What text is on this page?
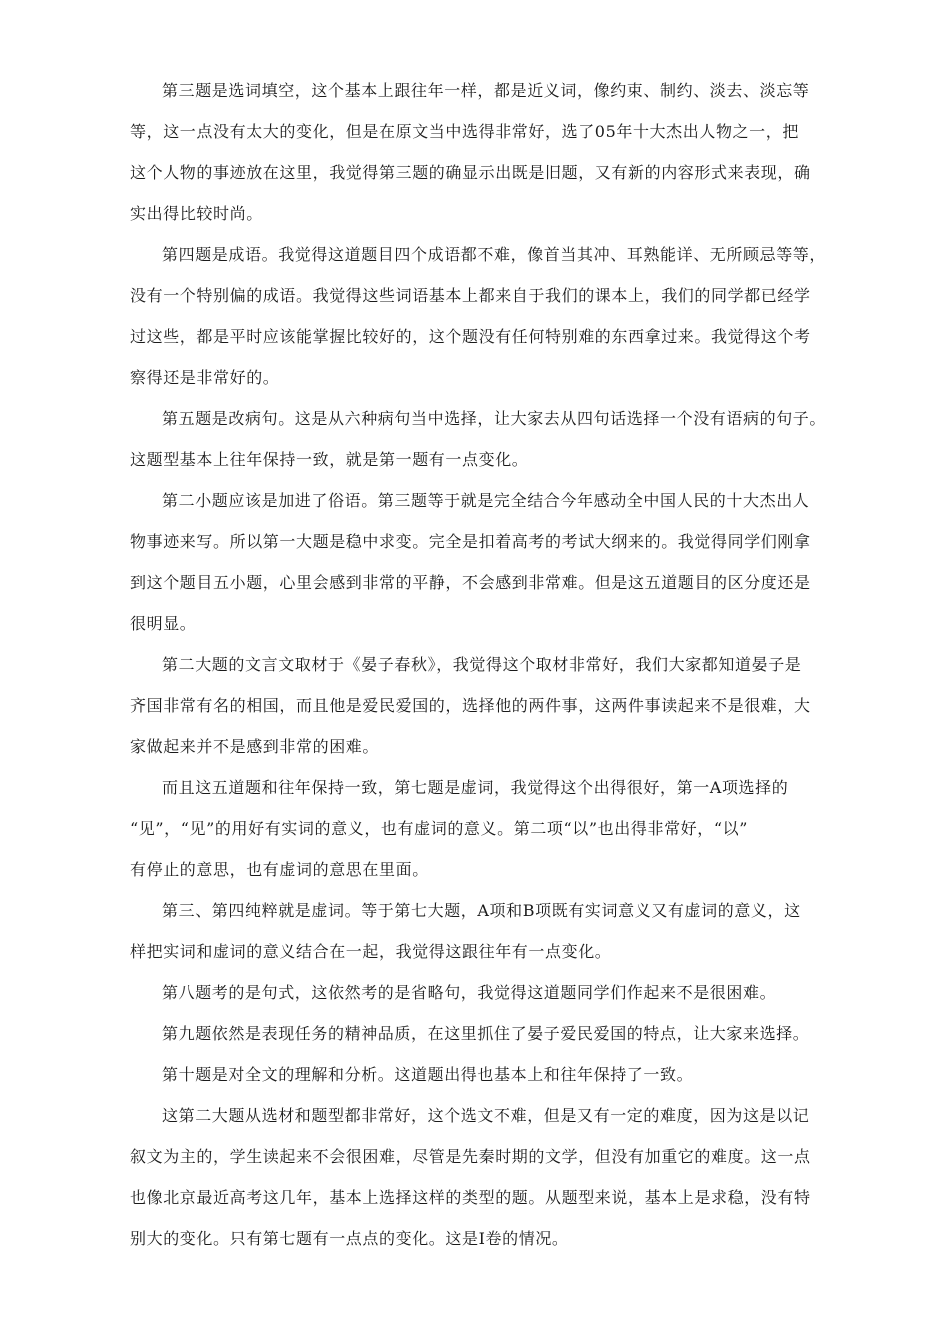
第三题是选词填空，这个基本上跟往年一样，都是近义词，像约束、制约、淡去、淡忘等
等，这一点没有太大的变化，但是在原文当中选得非常好，选了05年十大杰出人物之一，把
这个人物的事迹放在这里，我觉得第三题的确显示出既是旧题，又有新的内容形式来表现，确
实出得比较时尚。
第四题是成语。我觉得这道题目四个成语都不难，像首当其冲、耳熟能详、无所顾忌等等，
没有一个特别偏的成语。我觉得这些词语基本上都来自于我们的课本上，我们的同学都已经学
过这些，都是平时应该能掌握比较好的，这个题没有任何特别难的东西拿过来。我觉得这个考
察得还是非常好的。
第五题是改病句。这是从六种病句当中选择，让大家去从四句话选择一个没有语病的句子。
这题型基本上往年保持一致，就是第一题有一点变化。
第二小题应该是加进了俗语。第三题等于就是完全结合今年感动全中国人民的十大杰出人
物事迹来写。所以第一大题是稳中求变。完全是扣着高考的考试大纲来的。我觉得同学们刚拿
到这个题目五小题，心里会感到非常的平静，不会感到非常难。但是这五道题目的区分度还是
很明显。
第二大题的文言文取材于《晏子春秋》，我觉得这个取材非常好，我们大家都知道晏子是
齐国非常有名的相国，而且他是爱民爱国的，选择他的两件事，这两件事读起来不是很难，大
家做起来并不是感到非常的困难。
而且这五道题和往年保持一致，第七题是虚词，我觉得这个出得很好，第一A项选择的
“见”，“见”的用好有实词的意义，也有虚词的意义。第二项“以”也出得非常好，“以”
有停止的意思，也有虚词的意思在里面。
第三、第四纯粹就是虚词。等于第七大题，A项和B项既有实词意义又有虚词的意义，这
样把实词和虚词的意义结合在一起，我觉得这跟往年有一点变化。
第八题考的是句式，这依然考的是省略句，我觉得这道题同学们作起来不是很困难。
第九题依然是表现任务的精神品质，在这里抓住了晏子爱民爱国的特点，让大家来选择。
第十题是对全文的理解和分析。这道题出得也基本上和往年保持了一致。
这第二大题从选材和题型都非常好，这个选文不难，但是又有一定的难度，因为这是以记
叙文为主的，学生读起来不会很困难，尽管是先秦时期的文学，但没有加重它的难度。这一点
也像北京最近高考这几年，基本上选择这样的类型的题。从题型来说，基本上是求稳，没有特
别大的变化。只有第七题有一点点的变化。这是I卷的情况。
